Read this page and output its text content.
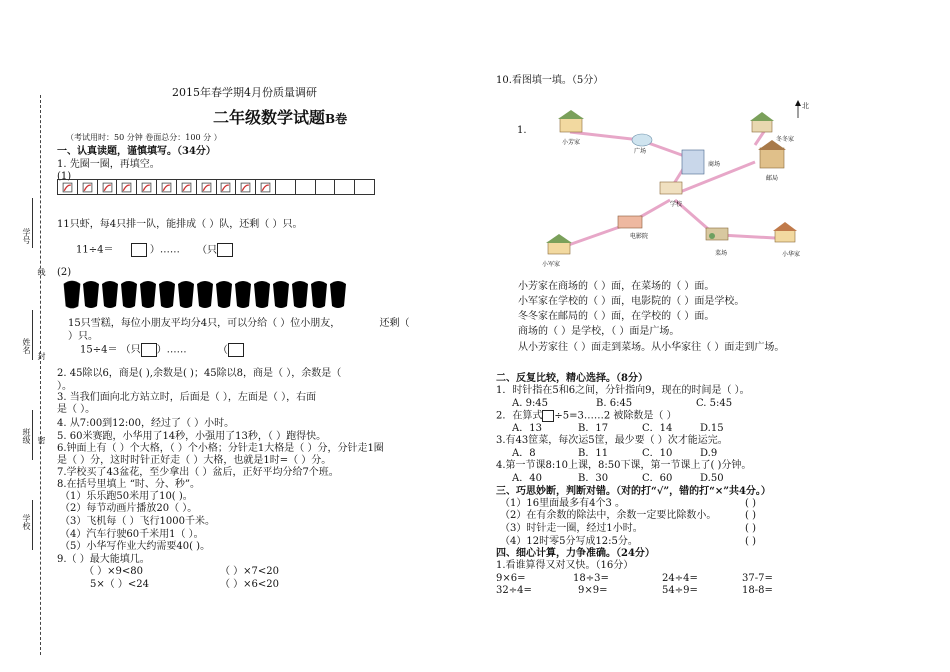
2015年春学期4月份质量调研
二年级数学试题B卷
（考试用时：50 分钟 卷面总分：100 分 ）
学号
线
姓名
封
班级 密
学校
一、认真读题，谨慎填写。（34分）
1. 先圈一圈，再填空。
(1)
11只虾，每4只排一队，能排成（ ）队，还剩（ ）只。
11÷4＝	）…… （只
(2)
15只雪糕，每位小朋友平均分4只，可以分给（ ）位小朋友，	还剩（
）只。
15÷4＝ （只 ）……	（
2. 45除以6，商是( ),余数是( )；45除以8，商是（ ），余数是（
）。
3. 当我们面向北方站立时，后面是（ ），左面是（ ），右面
是（ ）。
4. 从7:00到12:00，经过了（ ）小时。
5. 60米赛跑，小华用了14秒，小强用了13秒，（ ）跑得快。
6.钟面上有（ ）个大格，（ ）个小格；分针走1大格是（ ）分，分针走1圈
是（ ）分，这时时针正好走（ ）大格，也就是1时=（ ）分。
7.学校买了43盆花，至少拿出（ ）盆后，正好平均分给7个班。
8.在括号里填上 “时、分、秒”。
（1）乐乐跑50米用了10( )。
（2）每节动画片播放20（ ）。
（3）飞机每（ ）飞行1000千米。
（4）汽车行驶60千米用1（ ）。
（5）小华写作业大约需要40( )。
9.（ ）最大能填几。
（ ）×9<80	（ ）×7<20
5×（ ）<24	（ ）×6<20
10.看图填一填。（5分）
1.
小芳家
广场
商场
冬冬家
邮局
学校
电影院
菜场
小军家
小华家
北
小芳家在商场的（ ）面，在菜场的（ ）面。
小军家在学校的（ ）面，电影院的（ ）面是学校。
冬冬家在邮局的（ ）面，在学校的（ ）面。
商场的（ ）是学校，（ ）面是广场。
从小芳家往（ ）面走到菜场。从小华家往（ ）面走到广场。
二、反复比较，精心选择。（8分）
1．时针指在5和6之间，分针指向9，现在的时间是（ ）。
A. 9:45	B. 6:45	C. 5:45
2．在算式 ÷5=3……2 被除数是（ ）
A．13	B．17	C．14	D.15
3.有43筐菜，每次运5筐，最少要（ ）次才能运完。
A．8	B．11	C．10	D.9
4.第一节课8:10上课，8:50下课，第一节课上了( )分钟。
A．40	B．30	C．60	D.50
三、巧思妙断，判断对错。（对的打“√”，错的打“×”共4分。）
（1）16里面最多有4个3 。	( )
（2）在有余数的除法中，余数一定要比除数小。	( )
（3）时针走一圈，经过1小时。	( )
（4）12时零5分写成12:5分。	( )
四、细心计算，力争准确。（24分）
1.看谁算得又对又快。（16分）
9×6=	18÷3=	24÷4=	37-7=
32÷4=	9×9=	54÷9=	18-8=
